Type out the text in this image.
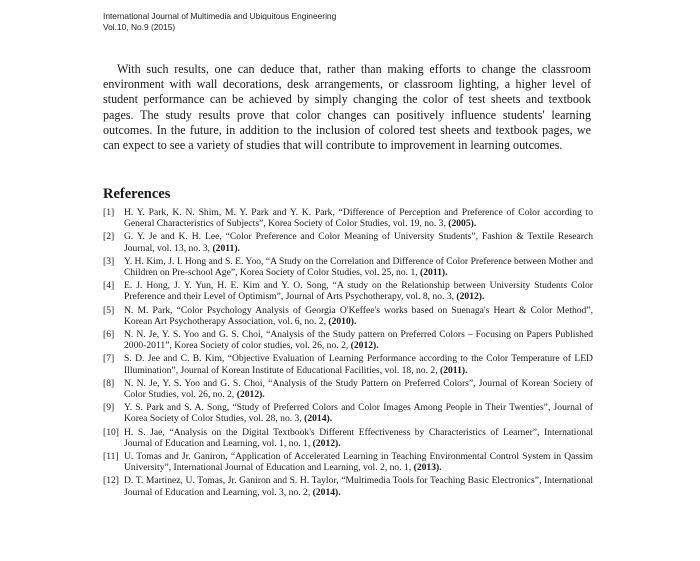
International Journal of Multimedia and Ubiquitous Engineering
Vol.10, No.9 (2015)

With such results, one can deduce that, rather than making efforts to change the classroom environment with wall decorations, desk arrangements, or classroom lighting, a higher level of student performance can be achieved by simply changing the color of test sheets and textbook pages. The study results prove that color changes can positively influence students' learning outcomes. In the future, in addition to the inclusion of colored test sheets and textbook pages, we can expect to see a variety of studies that will contribute to improvement in learning outcomes.

References
[1]	H. Y. Park, K. N. Shim, M. Y. Park and Y. K. Park, “Difference of Perception and Preference of Color according to General Characteristics of Subjects”, Korea Society of Color Studies, vol. 19, no. 3, (2005).
[2]	G. Y. Je and K. H. Lee, “Color Preference and Color Meaning of University Students”, Fashion & Textile Research Journal, vol. 13, no. 3, (2011).
[3]	Y. H. Kim, J. I. Hong and S. E. Yoo, “A Study on the Correlation and Difference of Color Preference between Mother and Children on Pre-school Age”, Korea Society of Color Studies, vol. 25, no. 1, (2011).
[4]	E. J. Hong, J. Y. Yun, H. E. Kim and Y. O. Song, “A study on the Relationship between University Students Color Preference and their Level of Optimism”, Journal of Arts Psychotherapy, vol. 8, no. 3, (2012).
[5]	N. M. Park, “Color Psychology Analysis of Georgia O'Keffee's works based on Suenaga's Heart & Color Method”, Korean Art Psychotherapy Association, vol. 6, no. 2, (2010).
[6]	N. N. Je, Y. S. Yoo and G. S. Choi, “Analysis of the Study pattern on Preferred Colors – Focusing on Papers Published 2000-2011”, Korea Society of color studies, vol. 26, no. 2, (2012).
[7]	S. D. Jee and C. B. Kim, “Objective Evaluation of Learning Performance according to the Color Temperature of LED Illumination”, Journal of Korean Institute of Educational Facilities, vol. 18, no. 2, (2011).
[8]	N. N. Je, Y. S. Yoo and G. S. Choi, “Analysis of the Study Pattern on Preferred Colors”, Journal of Korean Society of Color Studies, vol. 26, no. 2, (2012).
[9]	Y. S. Park and S. A. Song, “Study of Preferred Colors and Color Images Among People in Their Twenties”, Journal of Korea Society of Color Studies, vol. 28, no. 3, (2014).
[10] H. S. Jae, “Analysis on the Digital Textbook's Different Effectiveness by Characteristics of Learner”, International Journal of Education and Learning, vol. 1, no. 1, (2012).
[11] U. Tomas and Jr. Ganiron, “Application of Accelerated Learning in Teaching Environmental Control System in Qassim University”, International Journal of Education and Learning, vol. 2, no. 1, (2013).
[12] D. T. Martinez, U. Tomas, Jr. Ganiron and S. H. Taylor, “Multimedia Tools for Teaching Basic Electronics”, International Journal of Education and Learning, vol. 3, no. 2, (2014).
